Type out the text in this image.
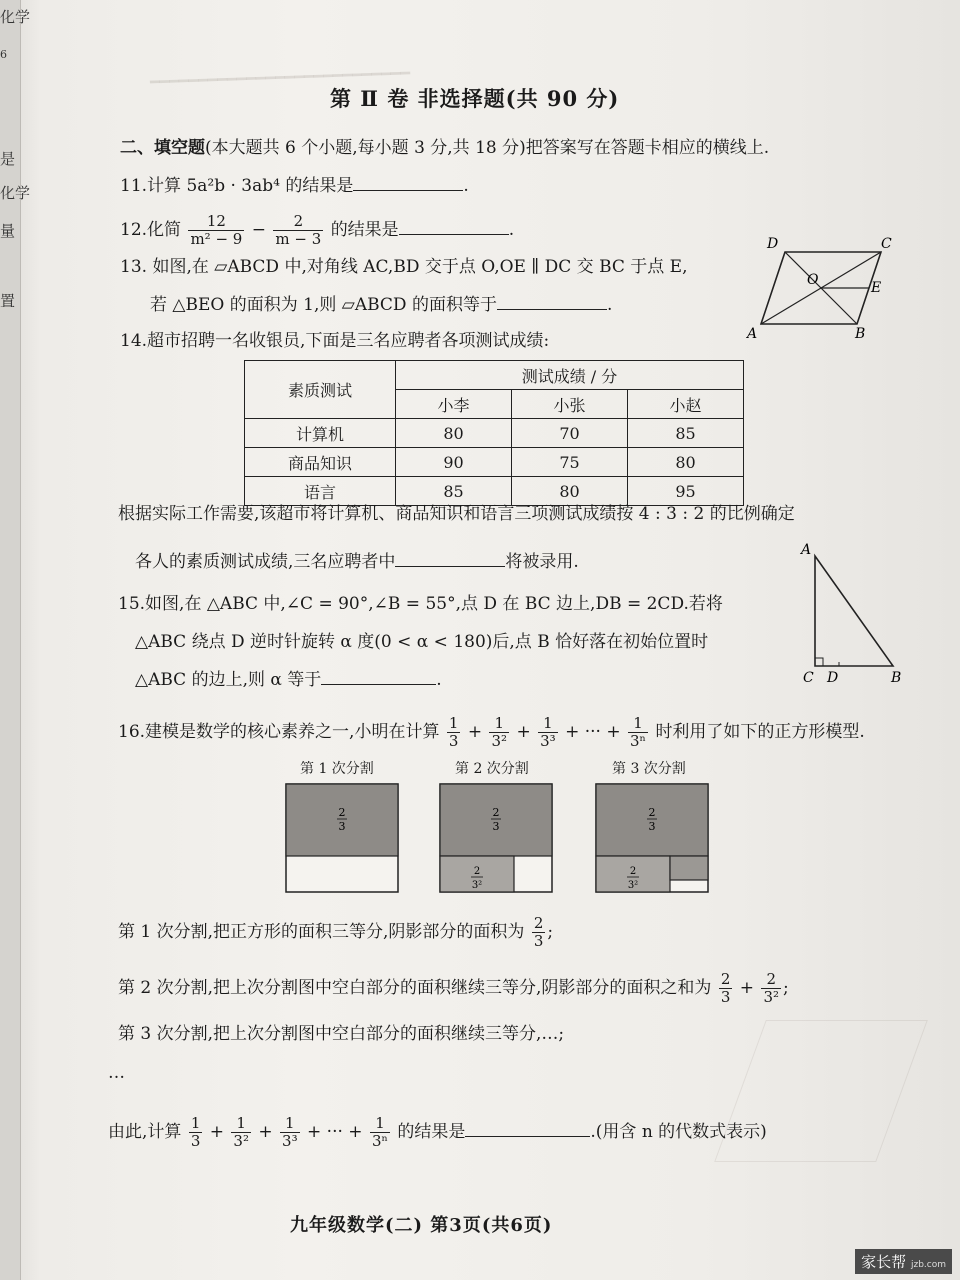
化学
6
是
化学
量
置
━━━━━━━━━━━━━━━━━━━━━━━━━━━
第 Ⅱ 卷 非选择题(共 90 分)
二、填空题(本大题共 6 个小题,每小题 3 分,共 18 分)把答案写在答题卡相应的横线上.
11.计算 5a²b · 3ab⁴ 的结果是	.
12.化简 $\frac{12}{\text{m² − 9}} - \frac{2}{m - 3}$ 的结果是	.
13. 如图,在 ▱ABCD 中,对角线 AC,BD 交于点 O,OE ∥ DC 交 BC 于点 E,
若 △BEO 的面积为 1,则 ▱ABCD 的面积等于	.
D	C
O	E
A	B
14.超市招聘一名收银员,下面是三名应聘者各项测试成绩:
素质测试	测试成绩 / 分		
	小李	小张	小赵
计算机	80	70	85
商品知识	90	75	80
语言	85	80	95
根据实际工作需要,该超市将计算机、商品知识和语言三项测试成绩按 4 : 3 : 2 的比例确定
各人的素质测试成绩,三名应聘者中	将被录用.
15.如图,在 △ABC 中,∠C = 90°,∠B = 55°,点 D 在 BC 边上,DB = 2CD.若将
△ABC 绕点 D 逆时针旋转 α 度(0 < α < 180)后,点 B 恰好落在初始位置时
△ABC 的边上,则 α 等于	.
A
C D	B
16.建模是数学的核心素养之一,小明在计算 $\frac{1}{3} + \frac{1}{\text{3²}} + \frac{1}{\text{3³}}$ + ··· + $\frac{1}{\text{3ⁿ}}$ 时利用了如下的正方形模型.
第 1 次分割	第 2 次分割	第 3 次分割
2
3
2
3
2
3²
2
3
2
3²
第 1 次分割,把正方形的面积三等分,阴影部分的面积为 $\frac{2}{3}$ ;
第 2 次分割,把上次分割图中空白部分的面积继续三等分,阴影部分的面积之和为 $\frac{2}{3} + \frac{2}{\text{3²}}$ ;
第 3 次分割,把上次分割图中空白部分的面积继续三等分,…;
…
由此,计算 $\frac{1}{3} + \frac{1}{\text{3²}} + \frac{1}{\text{3³}}$ + ··· + $\frac{1}{\text{3ⁿ}}$ 的结果是	.(用含 n 的代数式表示)
九年级数学(二) 第3页(共6页)
家长帮 jzb.com
